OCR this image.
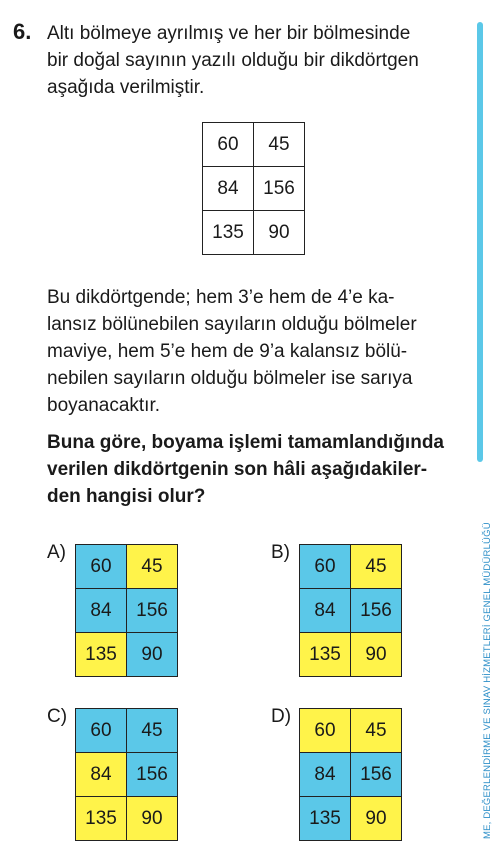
6. Altı bölmeye ayrılmış ve her bir bölmesinde
bir doğal sayının yazılı olduğu bir dikdörtgen
aşağıda verilmiştir.

60	45
84	156
135	90

Bu dikdörtgende; hem 3’e hem de 4’e ka-
lansız bölünebilen sayıların olduğu bölmeler
maviye, hem 5’e hem de 9’a kalansız bölü-
nebilen sayıların olduğu bölmeler ise sarıya
boyanacaktır.

Buna göre, boyama işlemi tamamlandığında
verilen dikdörtgenin son hâli aşağıdakiler-
den hangisi olur?

A)
60	45
84	156
135	90
B)
60	45
84	156
135	90
C)
60	45
84	156
135	90
D)
60	45
84	156
135	90	ME, DEĞERLENDİRME VE SINAV HİZMETLERİ GENEL MÜDÜRLÜĞÜ
